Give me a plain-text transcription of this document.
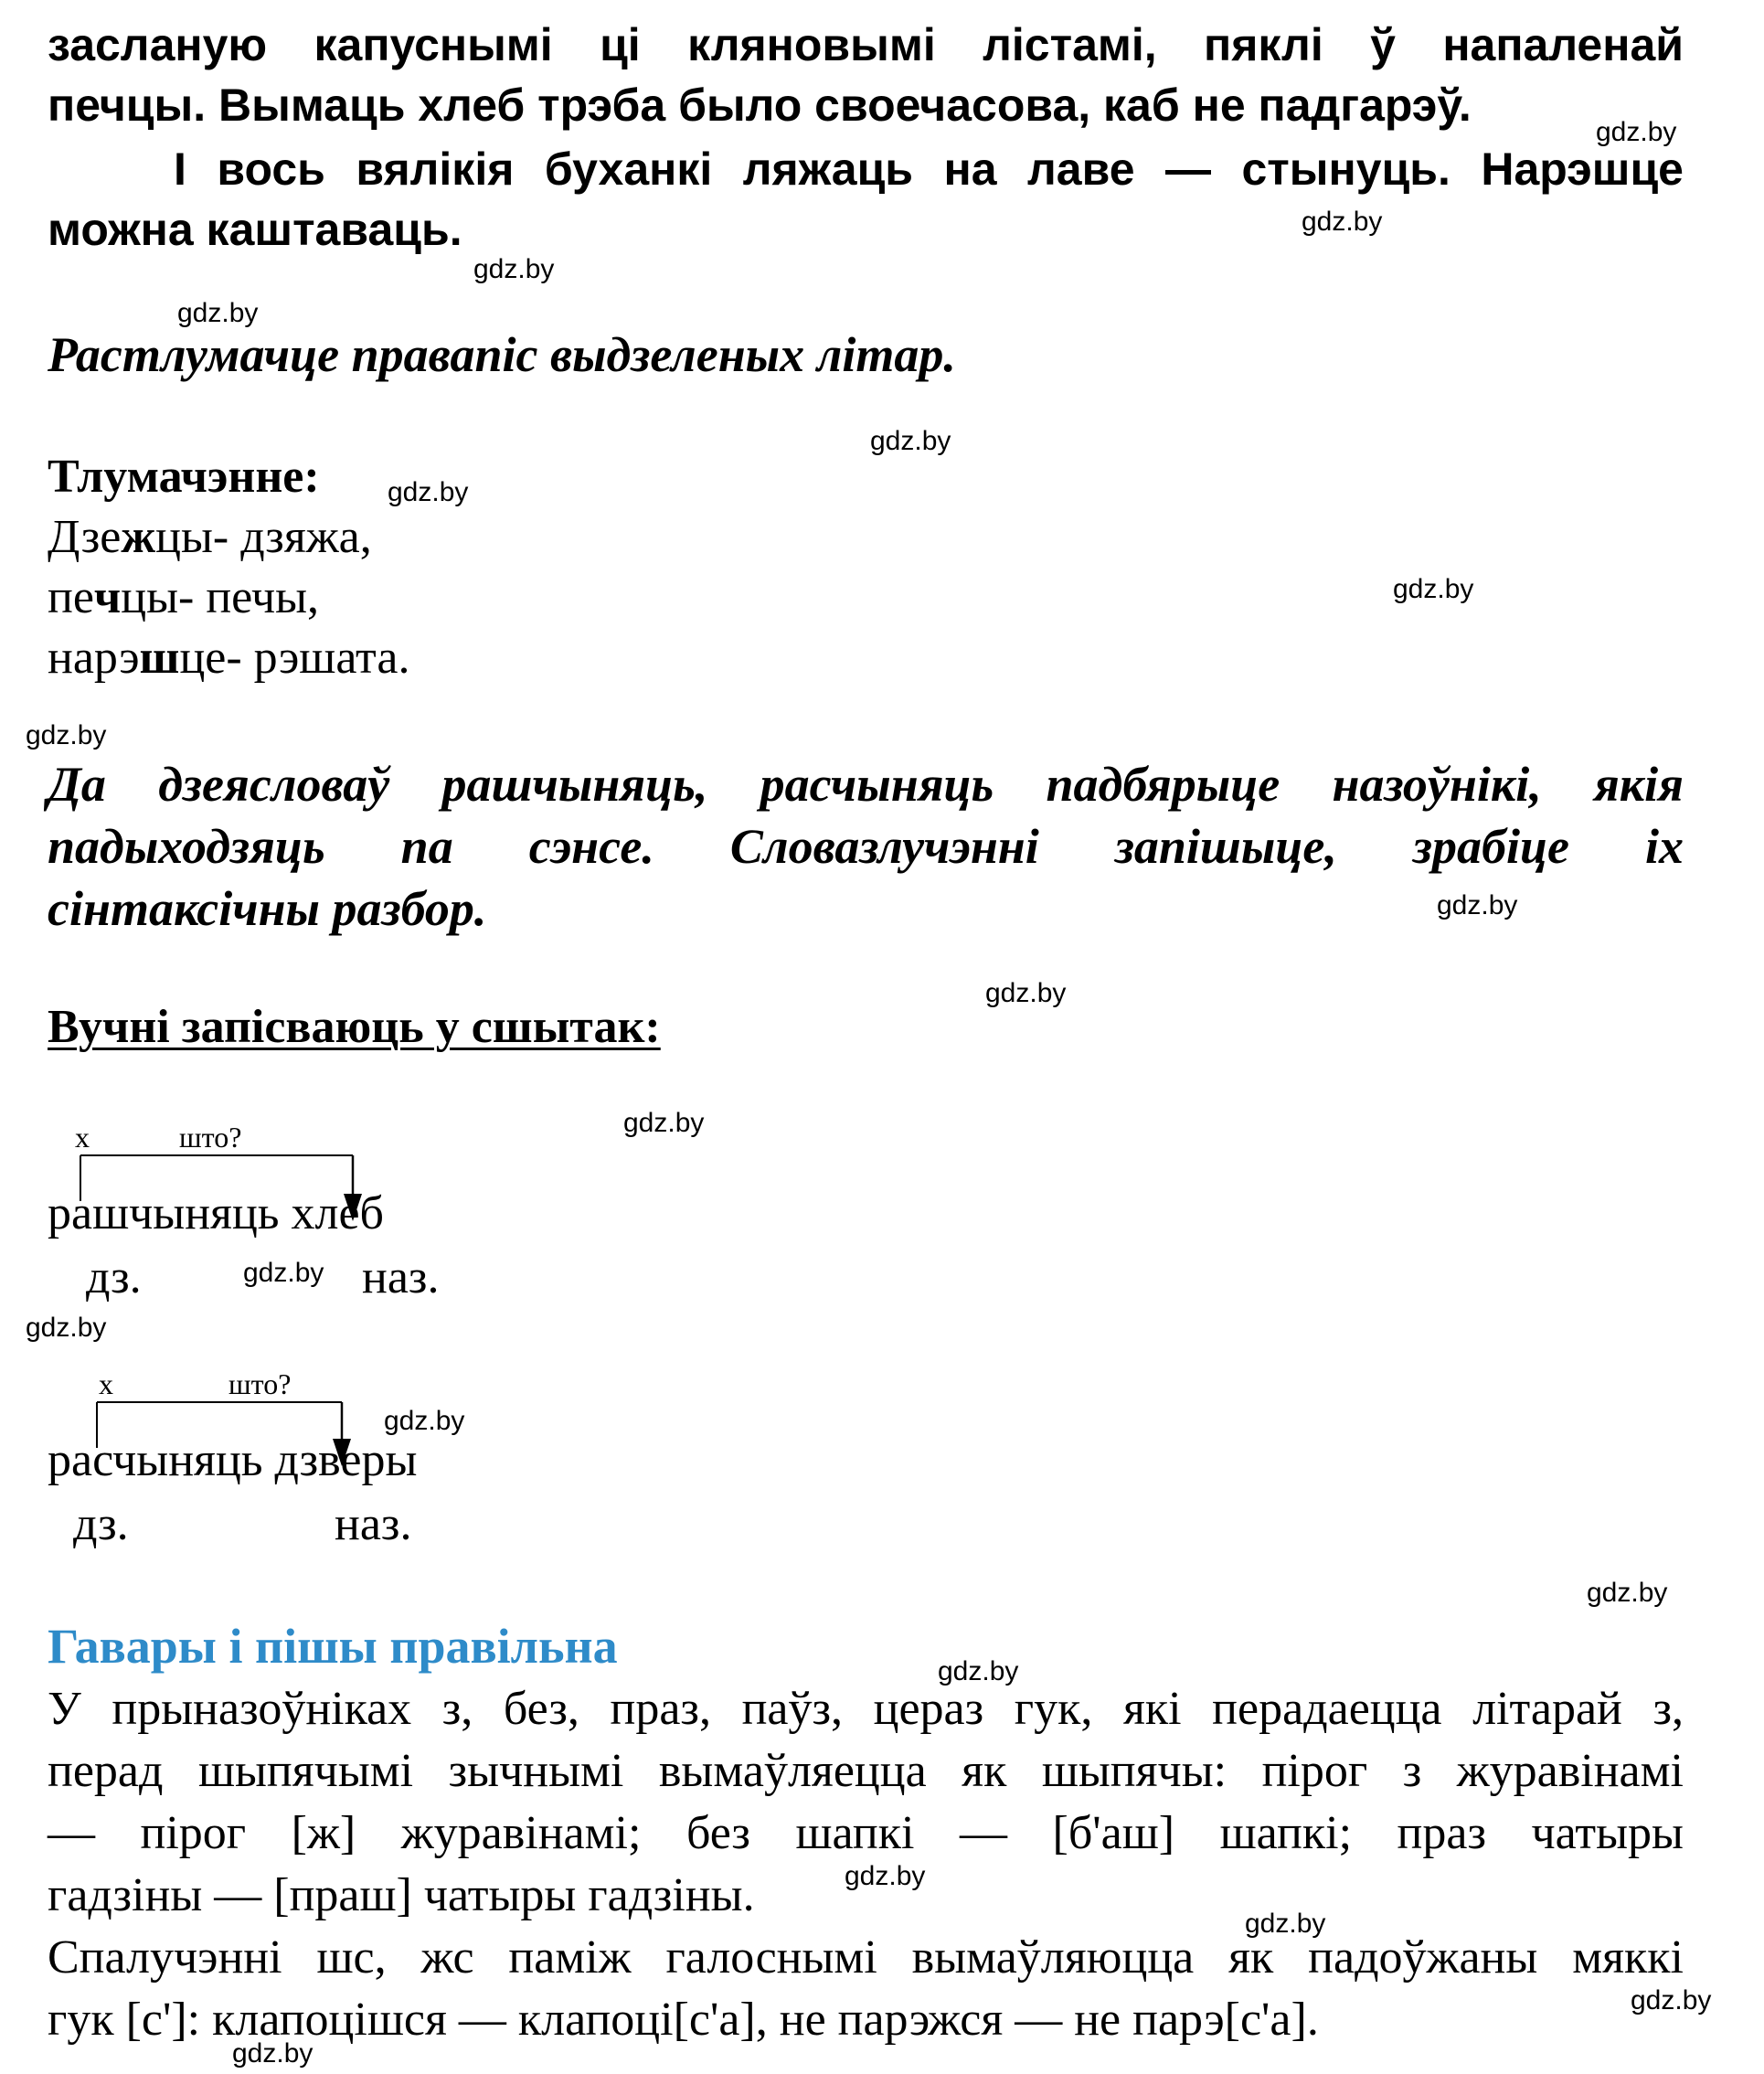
засланую капуснымі ці кляновымі лістамі, пяклі ў напаленай
печцы. Вымаць хлеб трэба было своечасова, каб не падгарэў.
І вось вялікія буханкі ляжаць на лаве — стынуць. Нарэшце
можна каштаваць.
Растлумачце правапіс выдзеленых літар.
Тлумачэнне:
Дзежцы- дзяжа,
печцы- печы,
нарэшце- рэшата.
Да дзеясловаў рашчыняць, расчыняць падбярыце назоўнікі, якія
падыходзяць па сэнсе. Словазлучэнні запішыце, зрабіце іх
сінтаксічны разбор.
Вучні запісваюць у сшытак:
х	што?
рашчыняць хлеб
дз.	наз.
х	што?
расчыняць дзверы
дз.	наз.
Гавары і пішы правільна
У прыназоўніках з, без, праз, паўз, цераз гук, які перадаецца літарай з,
перад шыпячымі зычнымі вымаўляецца як шыпячы: пірог з журавінамі
— пірог [ж] журавінамі; без шапкі — [б'аш] шапкі; праз чатыры
гадзіны — [праш] чатыры гадзіны.
Спалучэнні шс, жс паміж галоснымі вымаўляюцца як падоўжаны мяккі
гук [с']: клапоцішся — клапоці[с'а], не парэжся — не парэ[с'а].
gdz.by
gdz.by
gdz.by
gdz.by
gdz.by
gdz.by
gdz.by
gdz.by
gdz.by
gdz.by
gdz.by
gdz.by
gdz.by
gdz.by
gdz.by
gdz.by
gdz.by
gdz.by
gdz.by
gdz.by
